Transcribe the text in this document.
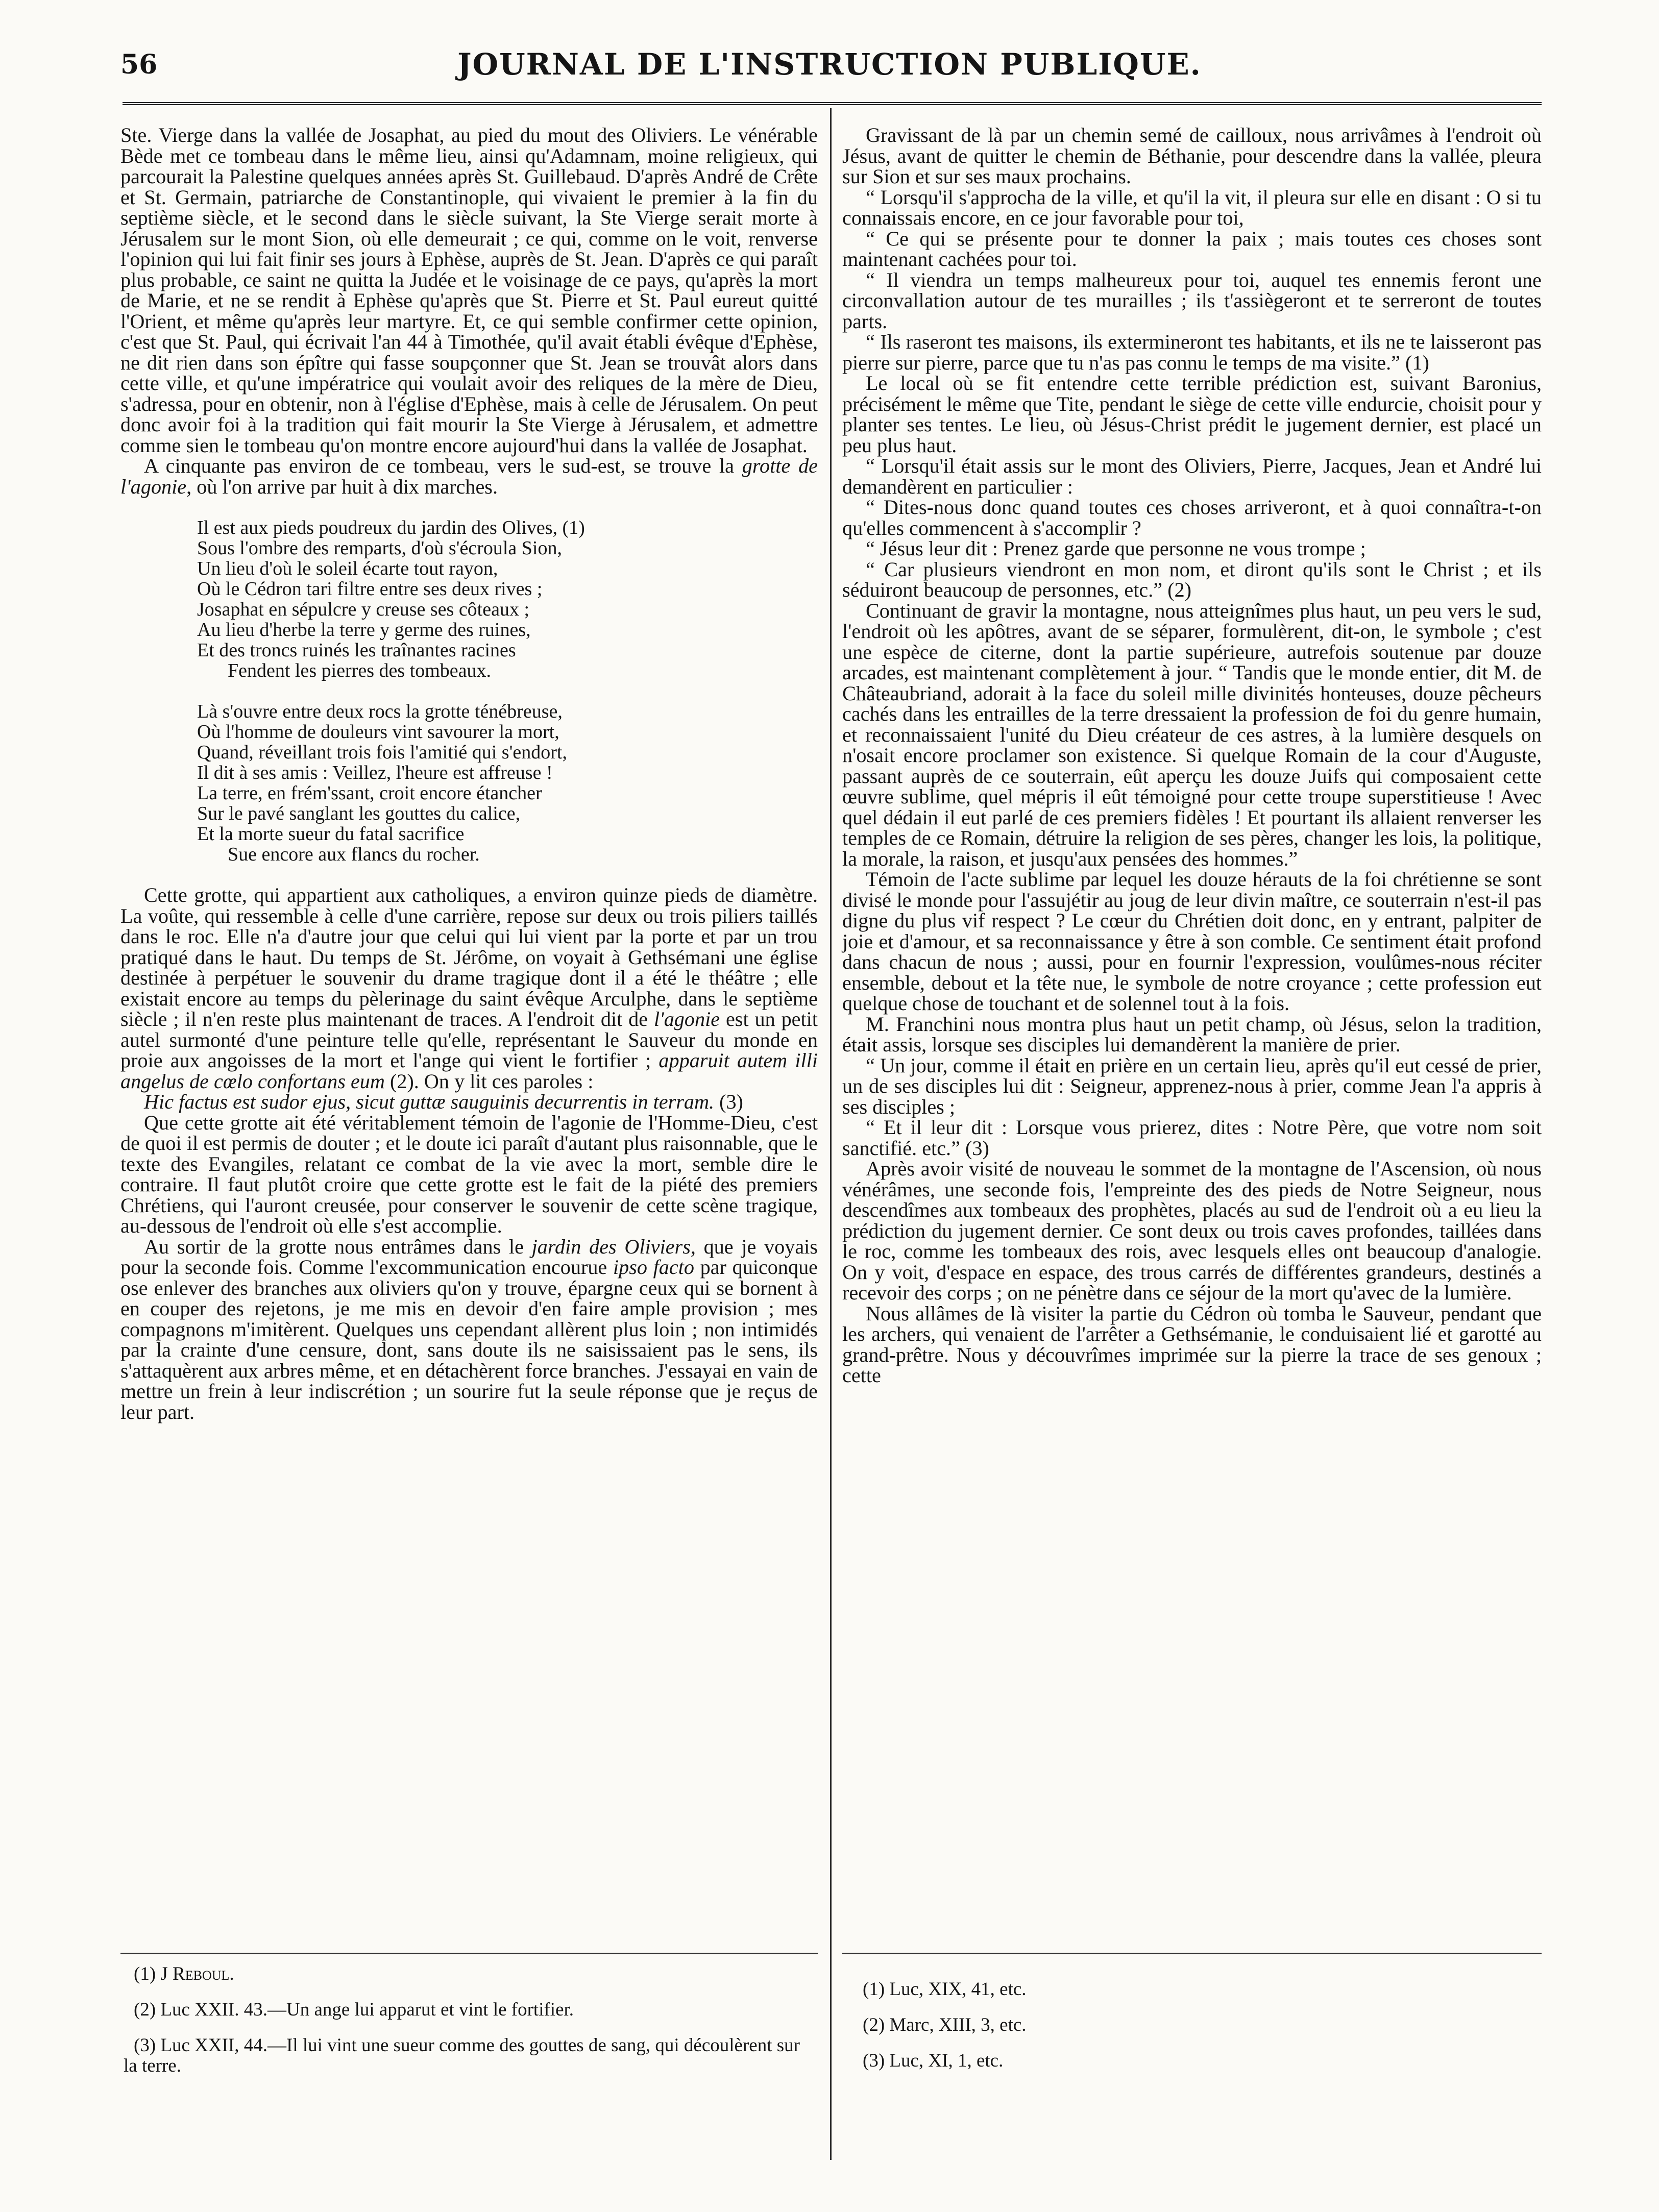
56	JOURNAL DE L'INSTRUCTION PUBLIQUE.

Ste. Vierge dans la vallée de Josaphat, au pied du mout des Oliviers. Le vénérable Bède met ce tombeau dans le même lieu, ainsi qu'Adamnam, moine religieux, qui parcourait la Palestine quelques années après St. Guillebaud. D'après André de Crête et St. Germain, patriarche de Constantinople, qui vivaient le premier à la fin du septième siècle, et le second dans le siècle suivant, la Ste Vierge serait morte à Jérusalem sur le mont Sion, où elle demeurait ; ce qui, comme on le voit, renverse l'opinion qui lui fait finir ses jours à Ephèse, auprès de St. Jean. D'après ce qui paraît plus probable, ce saint ne quitta la Judée et le voisinage de ce pays, qu'après la mort de Marie, et ne se rendit à Ephèse qu'après que St. Pierre et St. Paul eureut quitté l'Orient, et même qu'après leur martyre. Et, ce qui semble confirmer cette opinion, c'est que St. Paul, qui écrivait l'an 44 à Timothée, qu'il avait établi évêque d'Ephèse, ne dit rien dans son épître qui fasse soupçonner que St. Jean se trouvât alors dans cette ville, et qu'une impératrice qui voulait avoir des reliques de la mère de Dieu, s'adressa, pour en obtenir, non à l'église d'Ephèse, mais à celle de Jérusalem. On peut donc avoir foi à la tradition qui fait mourir la Ste Vierge à Jérusalem, et admettre comme sien le tombeau qu'on montre encore aujourd'hui dans la vallée de Josaphat.

A cinquante pas environ de ce tombeau, vers le sud-est, se trouve la grotte de l'agonie, où l'on arrive par huit à dix marches.

Il est aux pieds poudreux du jardin des Olives, (1)
Sous l'ombre des remparts, d'où s'écroula Sion,
Un lieu d'où le soleil écarte tout rayon,
Où le Cédron tari filtre entre ses deux rives ;
Josaphat en sépulcre y creuse ses côteaux ;
Au lieu d'herbe la terre y germe des ruines,
Et des troncs ruinés les traînantes racines
Fendent les pierres des tombeaux.
Là s'ouvre entre deux rocs la grotte ténébreuse,
Où l'homme de douleurs vint savourer la mort,
Quand, réveillant trois fois l'amitié qui s'endort,
Il dit à ses amis : Veillez, l'heure est affreuse !
La terre, en frém'ssant, croit encore étancher
Sur le pavé sanglant les gouttes du calice,
Et la morte sueur du fatal sacrifice
Sue encore aux flancs du rocher.

Cette grotte, qui appartient aux catholiques, a environ quinze pieds de diamètre. La voûte, qui ressemble à celle d'une carrière, repose sur deux ou trois piliers taillés dans le roc. Elle n'a d'autre jour que celui qui lui vient par la porte et par un trou pratiqué dans le haut. Du temps de St. Jérôme, on voyait à Gethsémani une église destinée à perpétuer le souvenir du drame tragique dont il a été le théâtre ; elle existait encore au temps du pèlerinage du saint évêque Arculphe, dans le septième siècle ; il n'en reste plus maintenant de traces. A l'endroit dit de l'agonie est un petit autel surmonté d'une peinture telle qu'elle, représentant le Sauveur du monde en proie aux angoisses de la mort et l'ange qui vient le fortifier ; apparuit autem illi angelus de cœlo confortans eum (2). On y lit ces paroles :

Hic factus est sudor ejus, sicut guttæ sauguinis decurrentis in terram. (3)

Que cette grotte ait été véritablement témoin de l'agonie de l'Homme-Dieu, c'est de quoi il est permis de douter ; et le doute ici paraît d'autant plus raisonnable, que le texte des Evangiles, relatant ce combat de la vie avec la mort, semble dire le contraire. Il faut plutôt croire que cette grotte est le fait de la piété des premiers Chrétiens, qui l'auront creusée, pour conserver le souvenir de cette scène tragique, au-dessous de l'endroit où elle s'est accomplie.

Au sortir de la grotte nous entrâmes dans le jardin des Oliviers, que je voyais pour la seconde fois. Comme l'excommunication encourue ipso facto par quiconque ose enlever des branches aux oliviers qu'on y trouve, épargne ceux qui se bornent à en couper des rejetons, je me mis en devoir d'en faire ample provision ; mes compagnons m'imitèrent. Quelques uns cependant allèrent plus loin ; non intimidés par la crainte d'une censure, dont, sans doute ils ne saisissaient pas le sens, ils s'attaquèrent aux arbres même, et en détachèrent force branches. J'essayai en vain de mettre un frein à leur indiscrétion ; un sourire fut la seule réponse que je reçus de leur part.

Gravissant de là par un chemin semé de cailloux, nous arrivâmes à l'endroit où Jésus, avant de quitter le chemin de Béthanie, pour descendre dans la vallée, pleura sur Sion et sur ses maux prochains.

“ Lorsqu'il s'approcha de la ville, et qu'il la vit, il pleura sur elle en disant : O si tu connaissais encore, en ce jour favorable pour toi,

“ Ce qui se présente pour te donner la paix ; mais toutes ces choses sont maintenant cachées pour toi.

“ Il viendra un temps malheureux pour toi, auquel tes ennemis feront une circonvallation autour de tes murailles ; ils t'assiègeront et te serreront de toutes parts.

“ Ils raseront tes maisons, ils extermineront tes habitants, et ils ne te laisseront pas pierre sur pierre, parce que tu n'as pas connu le temps de ma visite.” (1)

Le local où se fit entendre cette terrible prédiction est, suivant Baronius, précisément le même que Tite, pendant le siège de cette ville endurcie, choisit pour y planter ses tentes. Le lieu, où Jésus-Christ prédit le jugement dernier, est placé un peu plus haut.

“ Lorsqu'il était assis sur le mont des Oliviers, Pierre, Jacques, Jean et André lui demandèrent en particulier :

“ Dites-nous donc quand toutes ces choses arriveront, et à quoi connaîtra-t-on qu'elles commencent à s'accomplir ?

“ Jésus leur dit : Prenez garde que personne ne vous trompe ;

“ Car plusieurs viendront en mon nom, et diront qu'ils sont le Christ ; et ils séduiront beaucoup de personnes, etc.” (2)

Continuant de gravir la montagne, nous atteignîmes plus haut, un peu vers le sud, l'endroit où les apôtres, avant de se séparer, formulèrent, dit-on, le symbole ; c'est une espèce de citerne, dont la partie supérieure, autrefois soutenue par douze arcades, est maintenant complètement à jour. “ Tandis que le monde entier, dit M. de Châteaubriand, adorait à la face du soleil mille divinités honteuses, douze pêcheurs cachés dans les entrailles de la terre dressaient la profession de foi du genre humain, et reconnaissaient l'unité du Dieu créateur de ces astres, à la lumière desquels on n'osait encore proclamer son existence. Si quelque Romain de la cour d'Auguste, passant auprès de ce souterrain, eût aperçu les douze Juifs qui composaient cette œuvre sublime, quel mépris il eût témoigné pour cette troupe superstitieuse ! Avec quel dédain il eut parlé de ces premiers fidèles ! Et pourtant ils allaient renverser les temples de ce Romain, détruire la religion de ses pères, changer les lois, la politique, la morale, la raison, et jusqu'aux pensées des hommes.”

Témoin de l'acte sublime par lequel les douze hérauts de la foi chrétienne se sont divisé le monde pour l'assujétir au joug de leur divin maître, ce souterrain n'est-il pas digne du plus vif respect ? Le cœur du Chrétien doit donc, en y entrant, palpiter de joie et d'amour, et sa reconnaissance y être à son comble. Ce sentiment était profond dans chacun de nous ; aussi, pour en fournir l'expression, voulûmes-nous réciter ensemble, debout et la tête nue, le symbole de notre croyance ; cette profession eut quelque chose de touchant et de solennel tout à la fois.

M. Franchini nous montra plus haut un petit champ, où Jésus, selon la tradition, était assis, lorsque ses disciples lui demandèrent la manière de prier.

“ Un jour, comme il était en prière en un certain lieu, après qu'il eut cessé de prier, un de ses disciples lui dit : Seigneur, apprenez-nous à prier, comme Jean l'a appris à ses disciples ;

“ Et il leur dit : Lorsque vous prierez, dites : Notre Père, que votre nom soit sanctifié. etc.” (3)

Après avoir visité de nouveau le sommet de la montagne de l'Ascension, où nous vénérâmes, une seconde fois, l'empreinte des des pieds de Notre Seigneur, nous descendîmes aux tombeaux des prophètes, placés au sud de l'endroit où a eu lieu la prédiction du jugement dernier. Ce sont deux ou trois caves profondes, taillées dans le roc, comme les tombeaux des rois, avec lesquels elles ont beaucoup d'analogie. On y voit, d'espace en espace, des trous carrés de différentes grandeurs, destinés a recevoir des corps ; on ne pénètre dans ce séjour de la mort qu'avec de la lumière.

Nous allâmes de là visiter la partie du Cédron où tomba le Sauveur, pendant que les archers, qui venaient de l'arrêter a Gethsémanie, le conduisaient lié et garotté au grand-prêtre. Nous y découvrîmes imprimée sur la pierre la trace de ses genoux ; cette

(1) J Reboul.
(2) Luc XXII. 43.—Un ange lui apparut et vint le fortifier.
(3) Luc XXII, 44.—Il lui vint une sueur comme des gouttes de sang, qui découlèrent sur la terre.
(1) Luc, XIX, 41, etc.
(2) Marc, XIII, 3, etc.
(3) Luc, XI, 1, etc.
